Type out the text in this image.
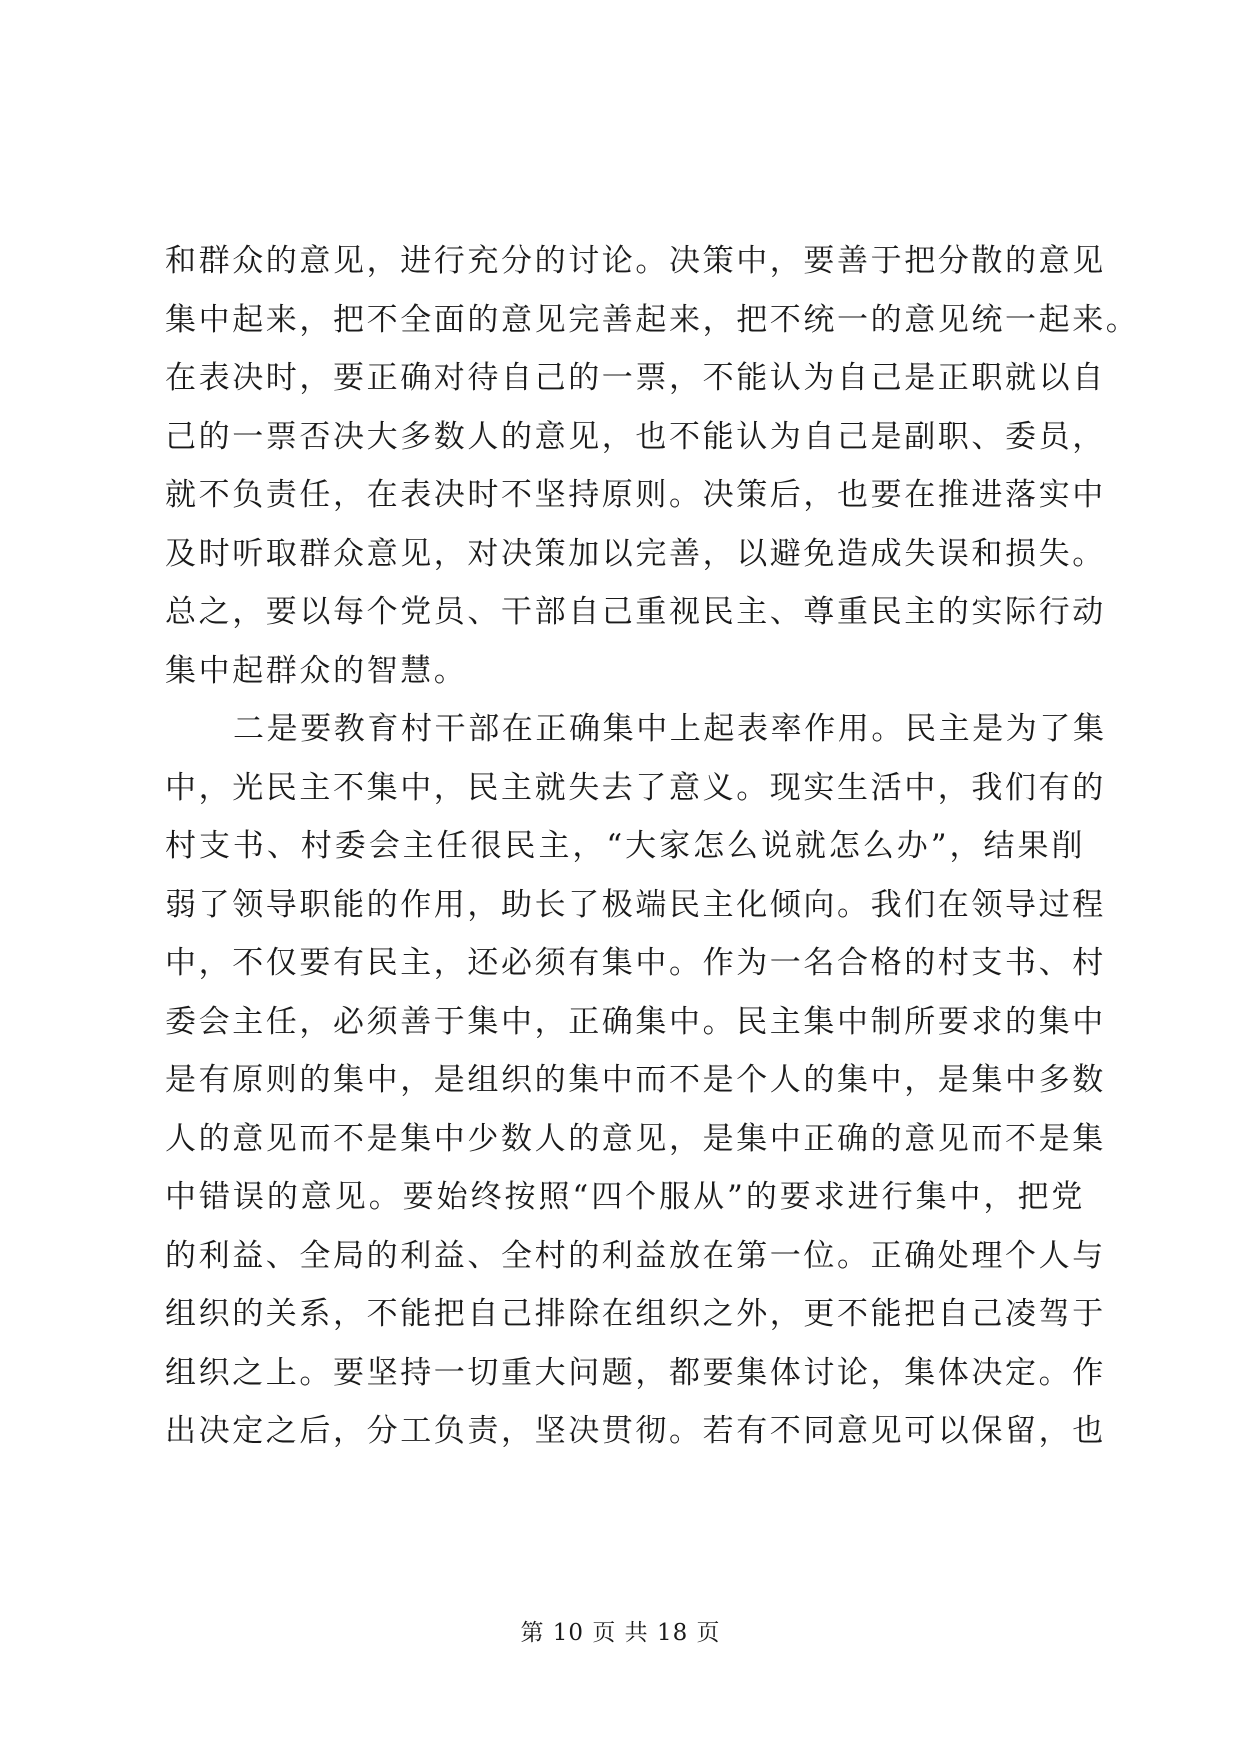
和群众的意见，进行充分的讨论。决策中，要善于把分散的意见
集中起来，把不全面的意见完善起来，把不统一的意见统一起来。
在表决时，要正确对待自己的一票，不能认为自己是正职就以自
己的一票否决大多数人的意见，也不能认为自己是副职、委员，
就不负责任，在表决时不坚持原则。决策后，也要在推进落实中
及时听取群众意见，对决策加以完善，以避免造成失误和损失。
总之，要以每个党员、干部自己重视民主、尊重民主的实际行动
集中起群众的智慧。
二是要教育村干部在正确集中上起表率作用。民主是为了集
中，光民主不集中，民主就失去了意义。现实生活中，我们有的
村支书、村委会主任很民主，“大家怎么说就怎么办”，结果削
弱了领导职能的作用，助长了极端民主化倾向。我们在领导过程
中，不仅要有民主，还必须有集中。作为一名合格的村支书、村
委会主任，必须善于集中，正确集中。民主集中制所要求的集中
是有原则的集中，是组织的集中而不是个人的集中，是集中多数
人的意见而不是集中少数人的意见，是集中正确的意见而不是集
中错误的意见。要始终按照“四个服从”的要求进行集中，把党
的利益、全局的利益、全村的利益放在第一位。正确处理个人与
组织的关系，不能把自己排除在组织之外，更不能把自己凌驾于
组织之上。要坚持一切重大问题，都要集体讨论，集体决定。作
出决定之后，分工负责，坚决贯彻。若有不同意见可以保留，也
第 10 页 共 18 页
